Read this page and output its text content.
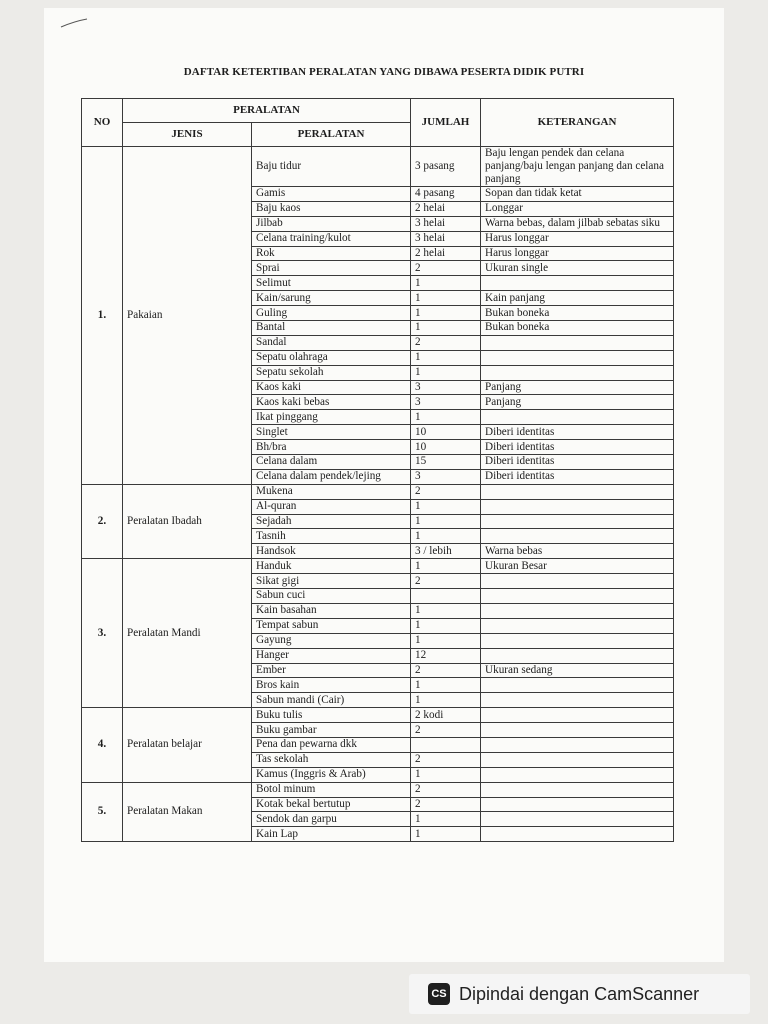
DAFTAR KETERTIBAN PERALATAN YANG DIBAWA PESERTA DIDIK PUTRI
NO	PERALATAN		JUMLAH	KETERANGAN
	JENIS	PERALATAN		
1.	Pakaian	Baju tidur	3 pasang	Baju lengan pendek dan celana panjang/baju lengan panjang dan celana panjang
		Gamis	4 pasang	Sopan dan tidak ketat
		Baju kaos	2 helai	Longgar
		Jilbab	3 helai	Warna bebas, dalam jilbab sebatas siku
		Celana training/kulot	3 helai	Harus longgar
		Rok	2 helai	Harus longgar
		Sprai	2	Ukuran single
		Selimut	1	
		Kain/sarung	1	Kain panjang
		Guling	1	Bukan boneka
		Bantal	1	Bukan boneka
		Sandal	2	
		Sepatu olahraga	1	
		Sepatu sekolah	1	
		Kaos kaki	3	Panjang
		Kaos kaki bebas	3	Panjang
		Ikat pinggang	1	
		Singlet	10	Diberi identitas
		Bh/bra	10	Diberi identitas
		Celana dalam	15	Diberi identitas
		Celana dalam pendek/lejing	3	Diberi identitas
2.	Peralatan Ibadah	Mukena	2	
		Al-quran	1	
		Sejadah	1	
		Tasnih	1	
		Handsok	3 / lebih	Warna bebas
3.	Peralatan Mandi	Handuk	1	Ukuran Besar
		Sikat gigi	2	
		Sabun cuci		
		Kain basahan	1	
		Tempat sabun	1	
		Gayung	1	
		Hanger	12	
		Ember	2	Ukuran sedang
		Bros kain	1	
		Sabun mandi (Cair)	1	
4.	Peralatan belajar	Buku tulis	2 kodi	
		Buku gambar	2	
		Pena dan pewarna dkk		
		Tas sekolah	2	
		Kamus (Inggris & Arab)	1	
5.	Peralatan Makan	Botol minum	2	
		Kotak bekal bertutup	2	
		Sendok dan garpu	1	
		Kain Lap	1	
CS Dipindai dengan CamScanner
